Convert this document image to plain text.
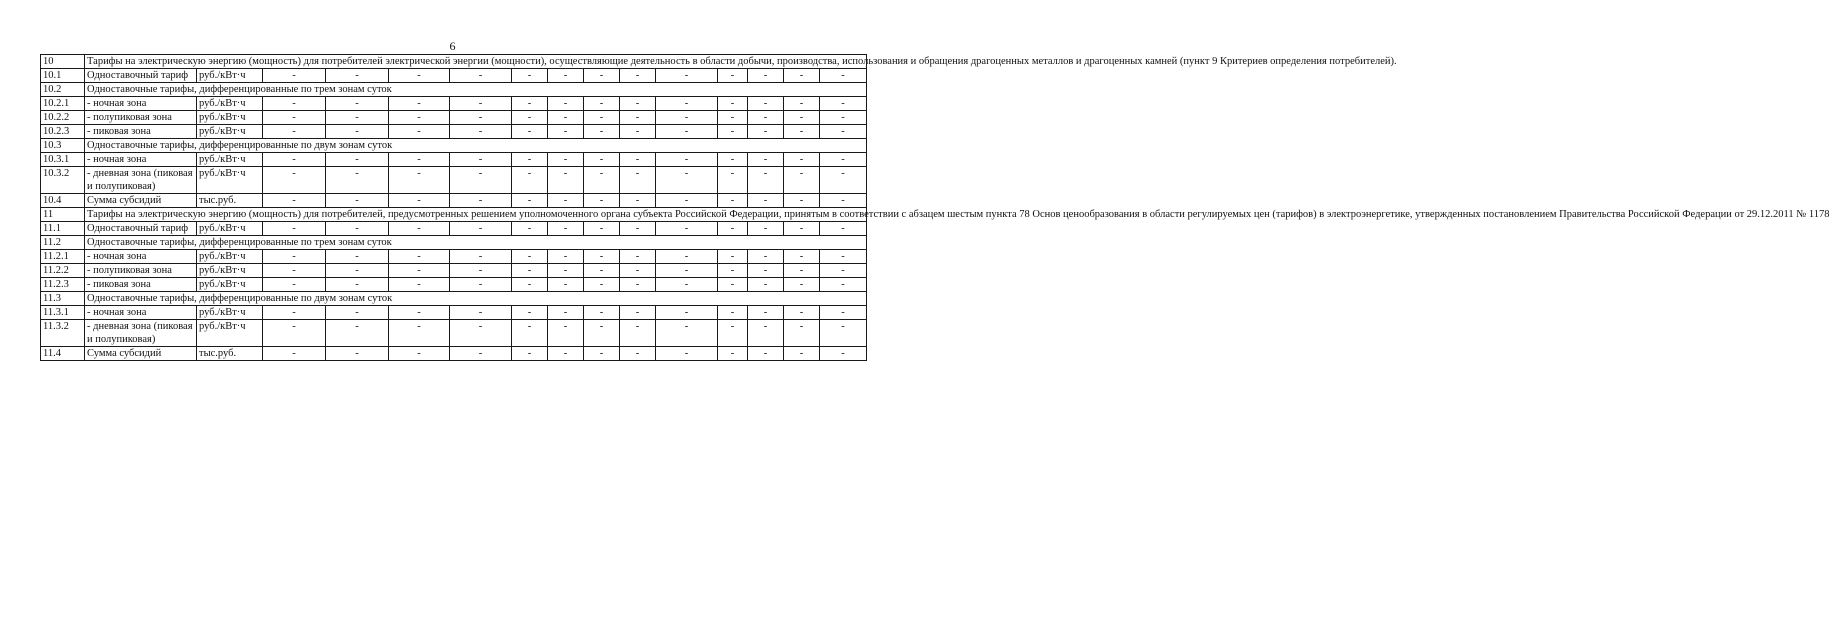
6
10	Тарифы на электрическую энергию (мощность) для потребителей электрической энергии (мощности), осуществляющие деятельность в области добычи, производства, использования и обращения драгоценных металлов и драгоценных камней (пункт 9 Критериев определения потребителей).														
10.1	Одноставочный тариф	руб./кВт·ч	-	-	-	-	-	-	-	-	-	-	-	-	-
10.2	Одноставочные тарифы, дифференцированные по трем зонам суток														
10.2.1	- ночная зона	руб./кВт·ч	-	-	-	-	-	-	-	-	-	-	-	-	-
10.2.2	- полупиковая зона	руб./кВт·ч	-	-	-	-	-	-	-	-	-	-	-	-	-
10.2.3	- пиковая зона	руб./кВт·ч	-	-	-	-	-	-	-	-	-	-	-	-	-
10.3	Одноставочные тарифы, дифференцированные по двум зонам суток														
10.3.1	- ночная зона	руб./кВт·ч	-	-	-	-	-	-	-	-	-	-	-	-	-
10.3.2	- дневная зона (пиковая и полупиковая)	руб./кВт·ч	-	-	-	-	-	-	-	-	-	-	-	-	-
10.4	Сумма субсидий	тыс.руб.	-	-	-	-	-	-	-	-	-	-	-	-	-
11	Тарифы на электрическую энергию (мощность) для потребителей, предусмотренных решением уполномоченного органа субъекта Российской Федерации, принятым в соответствии с абзацем шестым пункта 78 Основ ценообразования в области регулируемых цен (тарифов) в электроэнергетике, утвержденных постановлением Правительства Российской Федерации от 29.12.2011 № 1178														
11.1	Одноставочный тариф	руб./кВт·ч	-	-	-	-	-	-	-	-	-	-	-	-	-
11.2	Одноставочные тарифы, дифференцированные по трем зонам суток														
11.2.1	- ночная зона	руб./кВт·ч	-	-	-	-	-	-	-	-	-	-	-	-	-
11.2.2	- полупиковая зона	руб./кВт·ч	-	-	-	-	-	-	-	-	-	-	-	-	-
11.2.3	- пиковая зона	руб./кВт·ч	-	-	-	-	-	-	-	-	-	-	-	-	-
11.3	Одноставочные тарифы, дифференцированные по двум зонам суток														
11.3.1	- ночная зона	руб./кВт·ч	-	-	-	-	-	-	-	-	-	-	-	-	-
11.3.2	- дневная зона (пиковая и полупиковая)	руб./кВт·ч	-	-	-	-	-	-	-	-	-	-	-	-	-
11.4	Сумма субсидий	тыс.руб.	-	-	-	-	-	-	-	-	-	-	-	-	-
